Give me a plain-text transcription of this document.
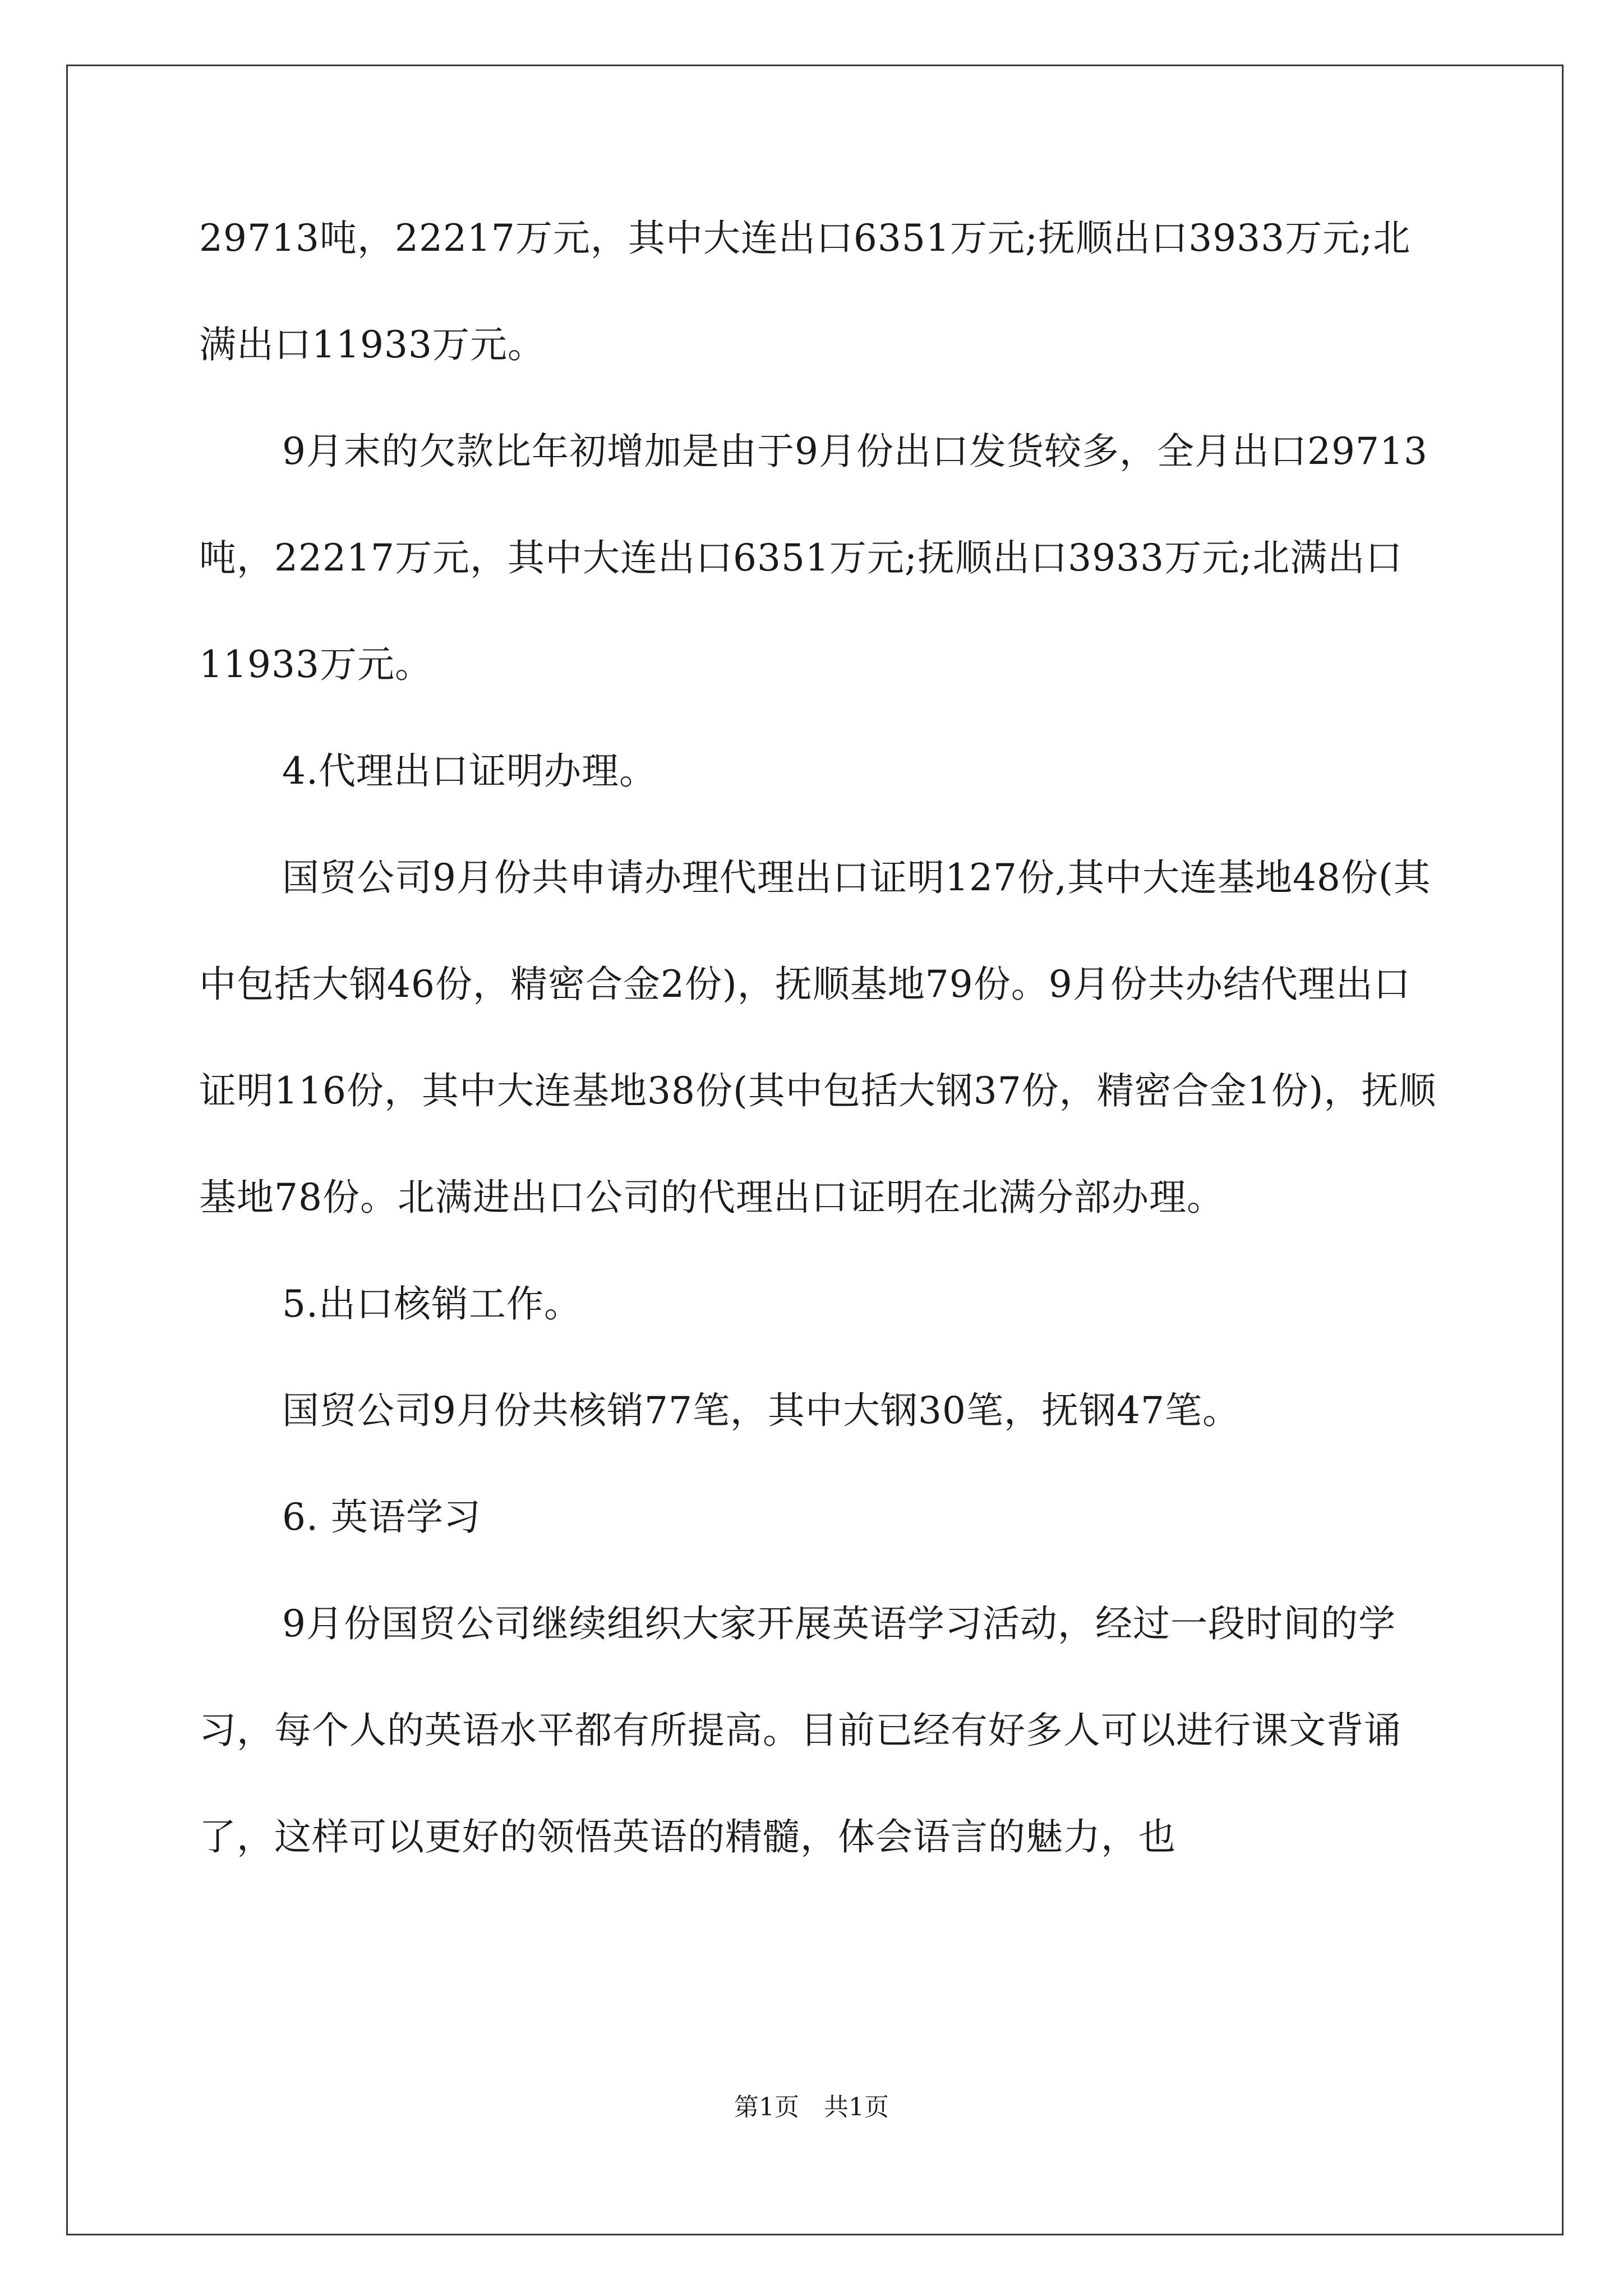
29713吨，22217万元，其中大连出口6351万元;抚顺出口3933万元;北满出口11933万元。

9月末的欠款比年初增加是由于9月份出口发货较多，全月出口29713吨，22217万元，其中大连出口6351万元;抚顺出口3933万元;北满出口11933万元。

4.代理出口证明办理。

国贸公司9月份共申请办理代理出口证明127份,其中大连基地48份(其中包括大钢46份，精密合金2份)，抚顺基地79份。9月份共办结代理出口证明116份，其中大连基地38份(其中包括大钢37份，精密合金1份)，抚顺基地78份。北满进出口公司的代理出口证明在北满分部办理。

5.出口核销工作。

国贸公司9月份共核销77笔，其中大钢30笔，抚钢47笔。

6. 英语学习

9月份国贸公司继续组织大家开展英语学习活动，经过一段时间的学习，每个人的英语水平都有所提高。目前已经有好多人可以进行课文背诵了，这样可以更好的领悟英语的精髓，体会语言的魅力，也

第1页　共1页
